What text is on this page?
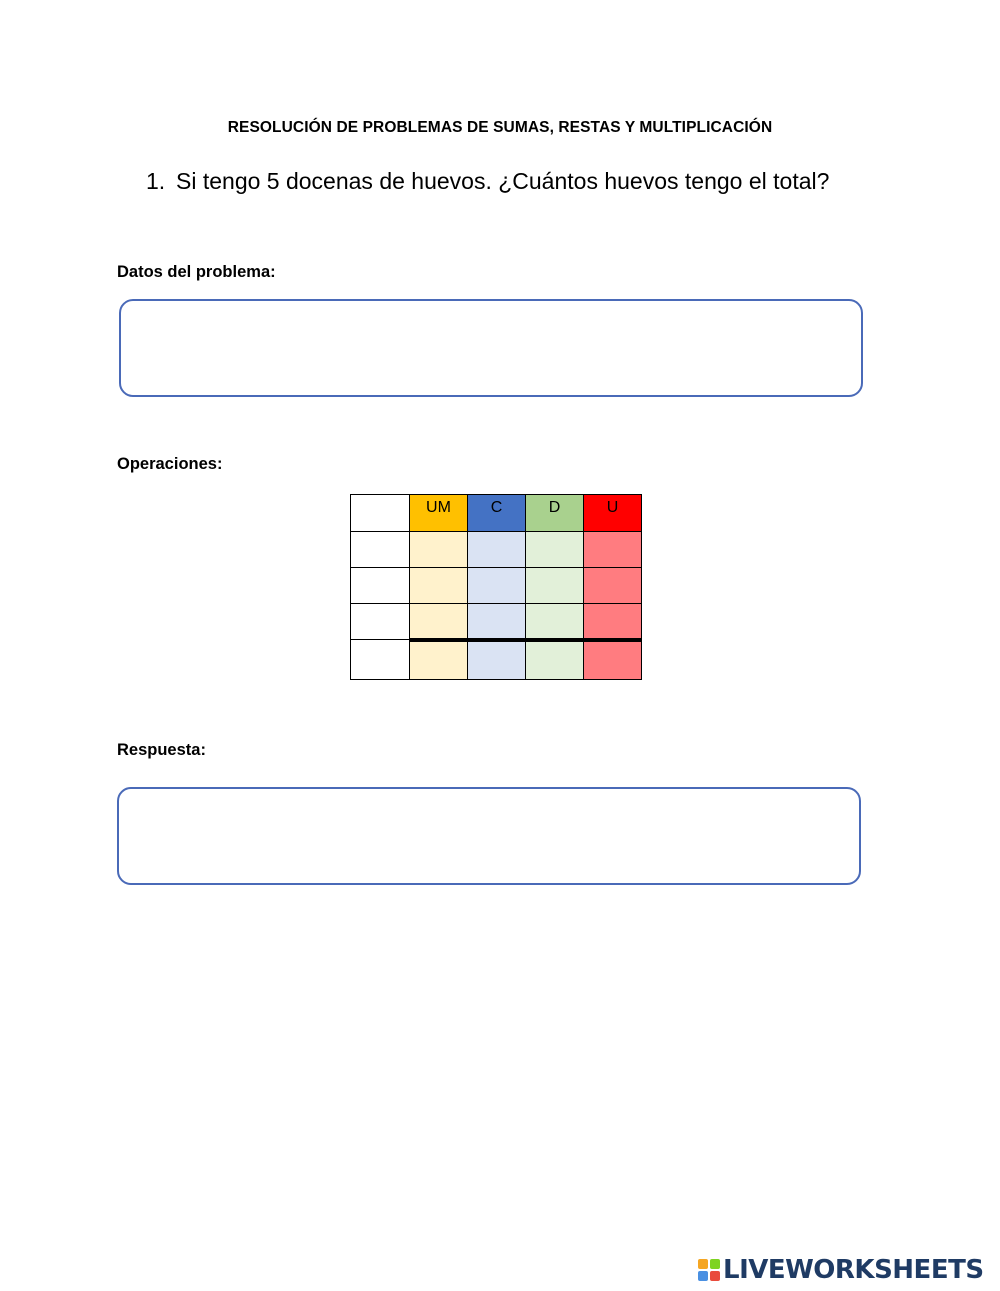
RESOLUCIÓN DE PROBLEMAS DE SUMAS, RESTAS Y MULTIPLICACIÓN
1. Si tengo 5 docenas de huevos. ¿Cuántos huevos tengo el total?
Datos del problema:
Operaciones:
	UM	C	D	U

Respuesta:
LIVEWORKSHEETS
